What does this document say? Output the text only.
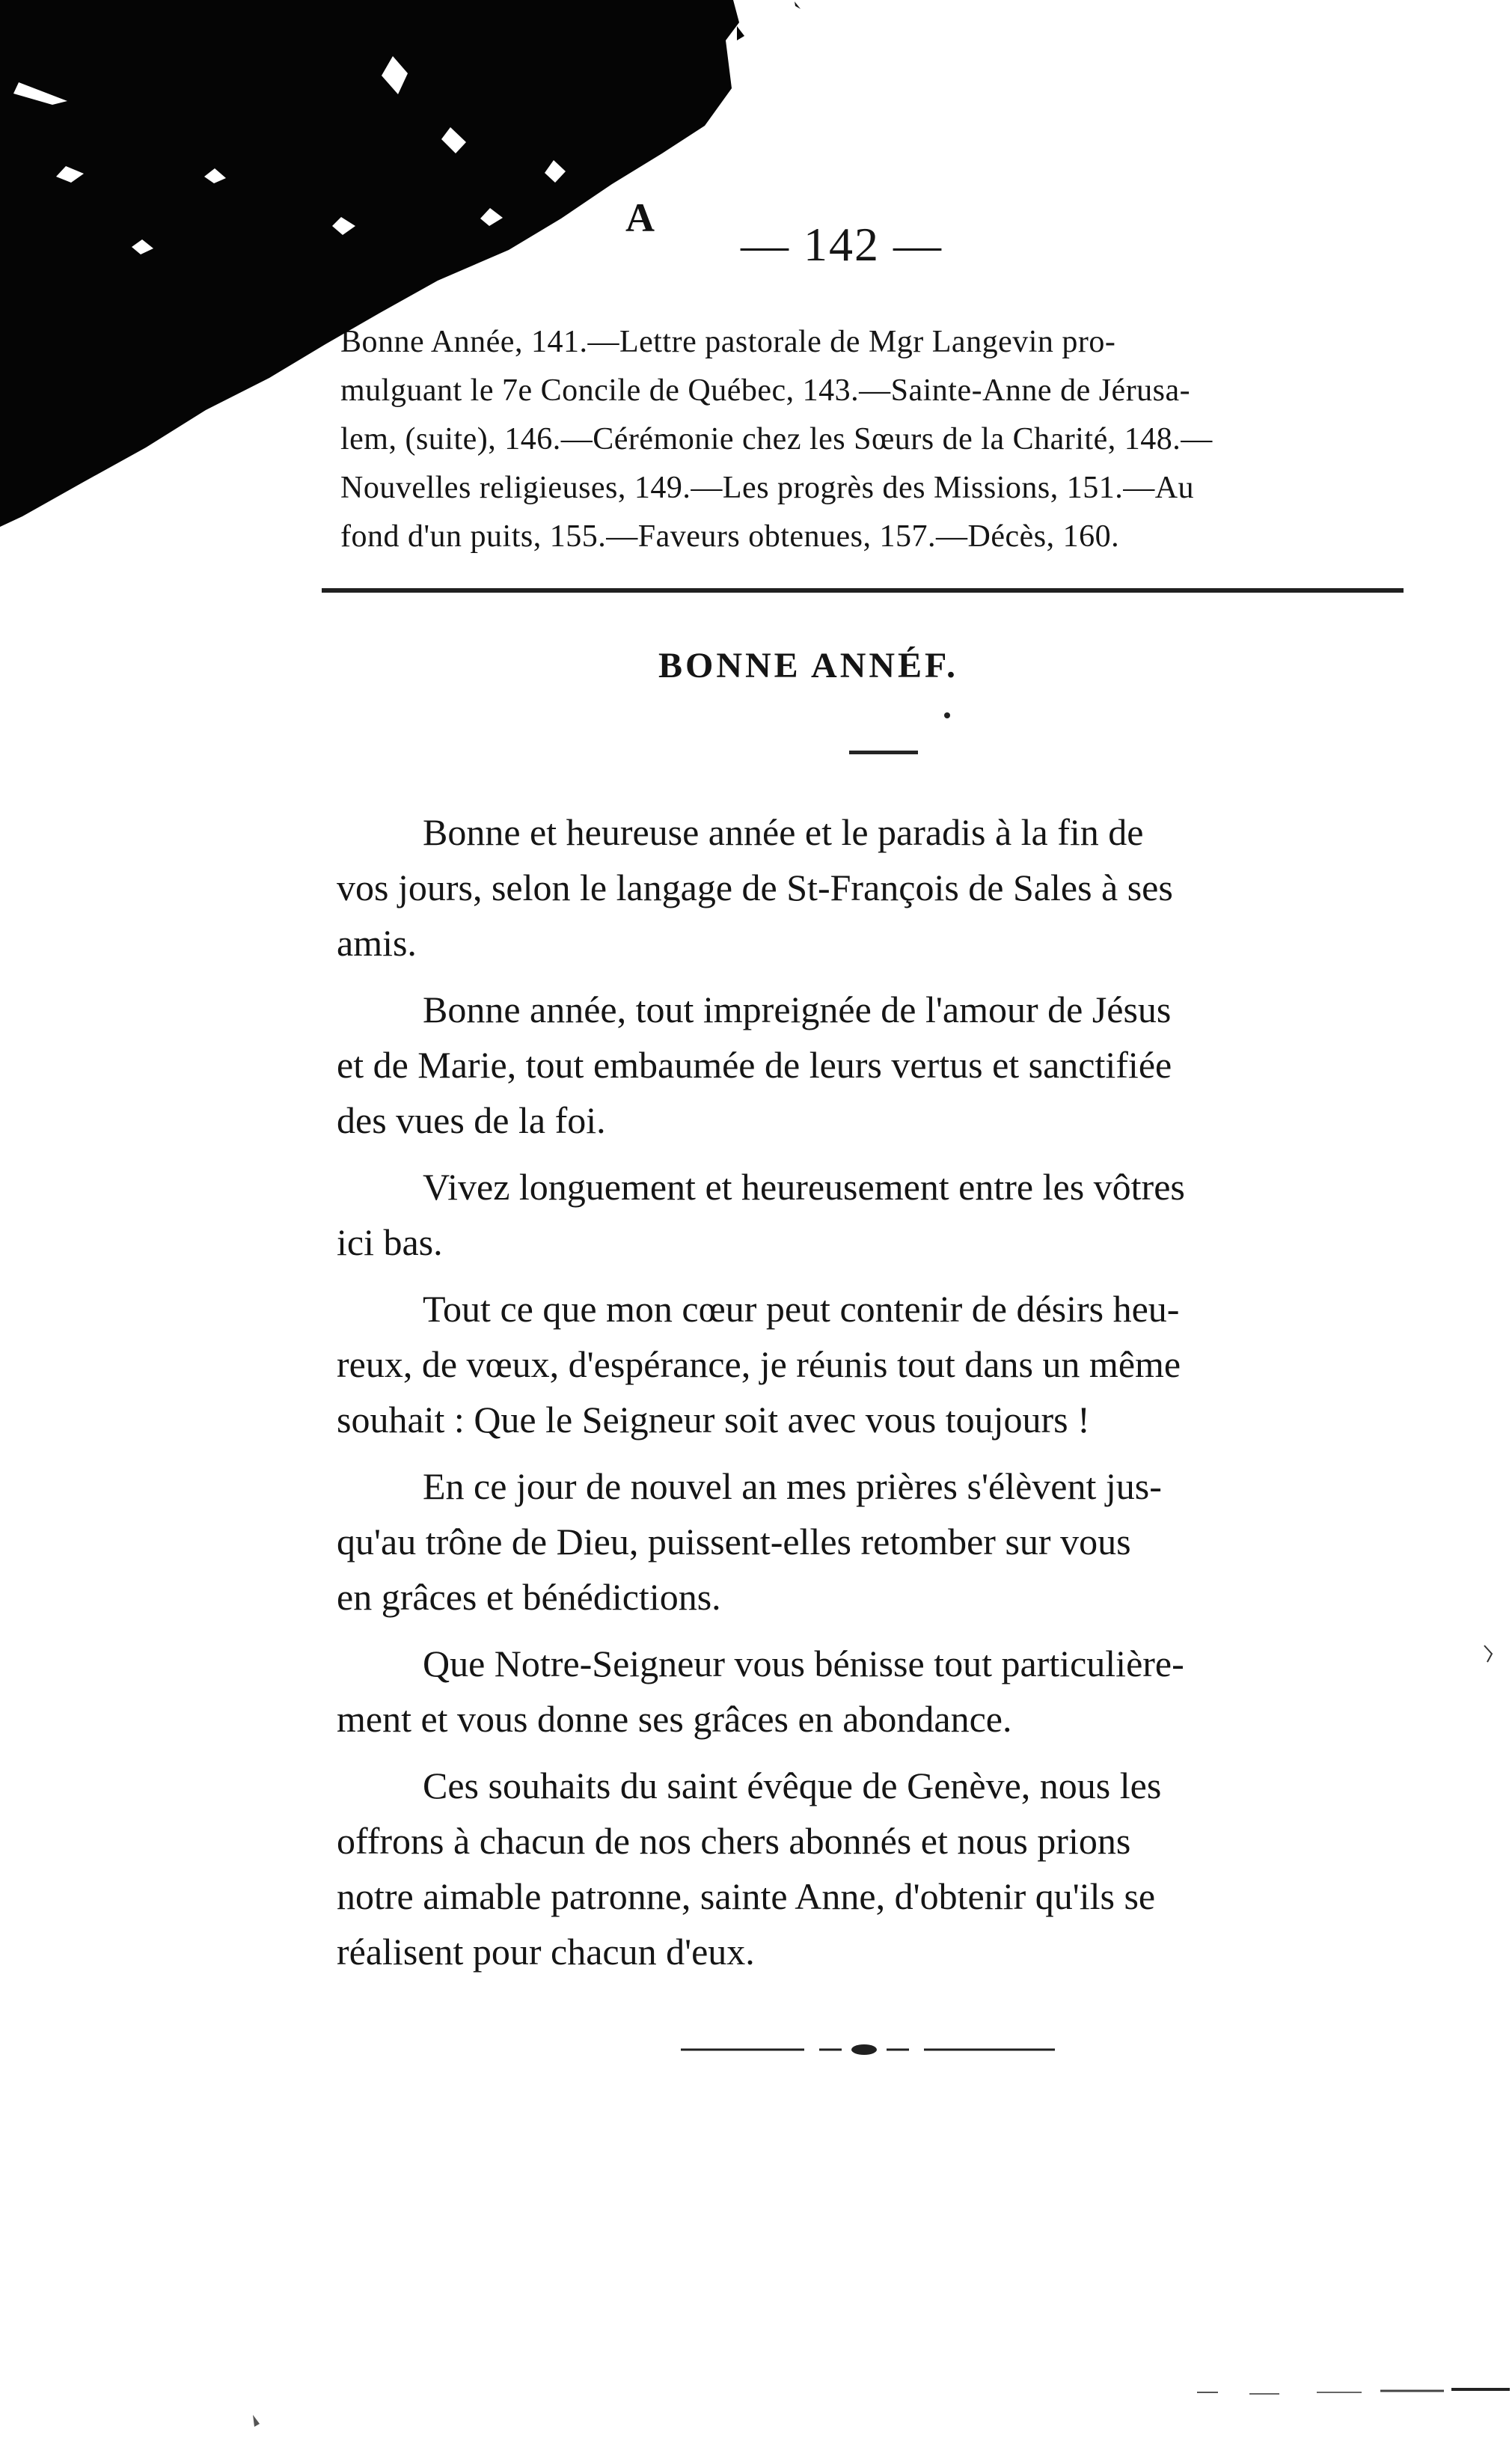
A — 142 —
Bonne Année, 141.—Lettre pastorale de Mgr Langevin pro-
mulguant le 7e Concile de Québec, 143.—Sainte-Anne de Jérusa-
lem, (suite), 146.—Cérémonie chez les Sœurs de la Charité, 148.—
Nouvelles religieuses, 149.—Les progrès des Missions, 151.—Au
fond d'un puits, 155.—Faveurs obtenues, 157.—Décès, 160.
BONNE ANNÉF.
Bonne et heureuse année et le paradis à la fin de
vos jours, selon le langage de St-François de Sales à ses
amis.
Bonne année, tout impreignée de l'amour de Jésus
et de Marie, tout embaumée de leurs vertus et sanctifiée
des vues de la foi.
Vivez longuement et heureusement entre les vôtres
ici bas.
Tout ce que mon cœur peut contenir de désirs heu-
reux, de vœux, d'espérance, je réunis tout dans un même
souhait : Que le Seigneur soit avec vous toujours !
En ce jour de nouvel an mes prières s'élèvent jus-
qu'au trône de Dieu, puissent-elles retomber sur vous
en grâces et bénédictions.
Que Notre-Seigneur vous bénisse tout particulière-
ment et vous donne ses grâces en abondance.
Ces souhaits du saint évêque de Genève, nous les
offrons à chacun de nos chers abonnés et nous prions
notre aimable patronne, sainte Anne, d'obtenir qu'ils se
réalisent pour chacun d'eux.
